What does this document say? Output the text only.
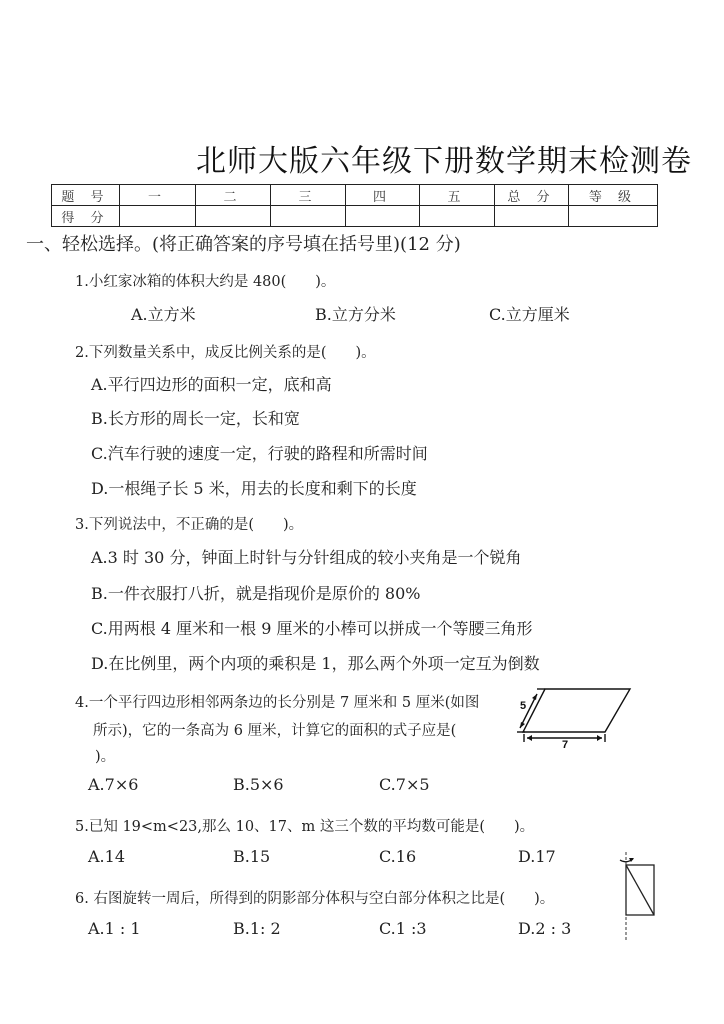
北师大版六年级下册数学期末检测卷
题 号	一	二	三	四	五	总 分	等 级
得 分							
一、轻松选择。(将正确答案的序号填在括号里)(12 分)
1.小红家冰箱的体积大约是 480(　　)。
A.立方米	B.立方分米	C.立方厘米
2.下列数量关系中，成反比例关系的是(　　)。
A.平行四边形的面积一定，底和高
B.长方形的周长一定，长和宽
C.汽车行驶的速度一定，行驶的路程和所需时间
D.一根绳子长 5 米，用去的长度和剩下的长度
3.下列说法中，不正确的是(　　)。
A.3 时 30 分，钟面上时针与分针组成的较小夹角是一个锐角
B.一件衣服打八折，就是指现价是原价的 80%
C.用两根 4 厘米和一根 9 厘米的小棒可以拼成一个等腰三角形
D.在比例里，两个内项的乘积是 1，那么两个外项一定互为倒数
4.一个平行四边形相邻两条边的长分别是 7 厘米和 5 厘米(如图
所示)，它的一条高为 6 厘米，计算它的面积的式子应是(
)。
5
7
A.7×6	B.5×6	C.7×5
5.已知 19<m<23,那么 10、17、m 这三个数的平均数可能是(　　)。
A.14	B.15	C.16	D.17
6. 右图旋转一周后，所得到的阴影部分体积与空白部分体积之比是(　　)。
A.1 : 1	B.1: 2	C.1 :3	D.2 : 3
